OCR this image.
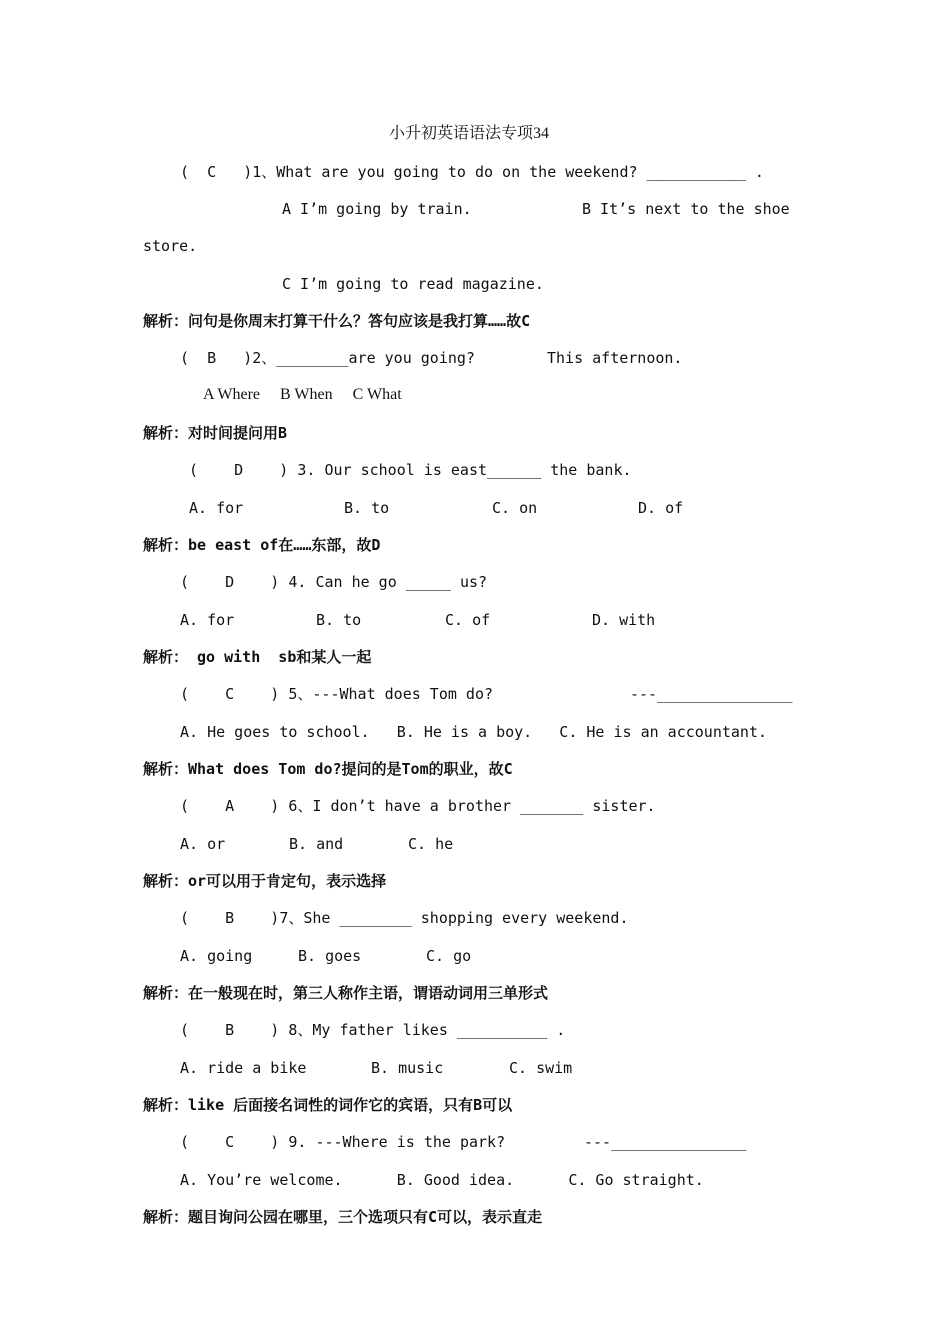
小升初英语语法专项34
(  C   )1、What are you going to do on the weekend? ___________ .
A I’m going by train.	B It’s next to the shoe
store.
C I’m going to read magazine.
解析：问句是你周末打算干什么？答句应该是我打算……故C
(  B   )2、________are you going?	This afternoon.
A Where     B When     C What
解析：对时间提问用B
(    D    ) 3. Our school is east______ the bank.
A. for	B. to	C. on	D. of
解析：be east of在……东部，故D
(    D    ) 4. Can he go _____ us?
A. for	B. to	C. of	D. with
解析： go with  sb和某人一起
(    C    ) 5、---What does Tom do?	---_______________
A. He goes to school.   B. He is a boy.   C. He is an accountant.
解析：What does Tom do?提问的是Tom的职业，故C
(    A    ) 6、I don’t have a brother _______ sister.
A. or	B. and	C. he
解析：or可以用于肯定句，表示选择
(    B    )7、She ________ shopping every weekend.
A. going	B. goes	C. go
解析：在一般现在时，第三人称作主语，谓语动词用三单形式
(    B    ) 8、My father likes __________ .
A. ride a bike	B. music	C. swim
解析：like 后面接名词性的词作它的宾语，只有B可以
(    C    ) 9. ---Where is the park?	---_______________
A. You’re welcome.      B. Good idea.      C. Go straight.
解析：题目询问公园在哪里，三个选项只有C可以，表示直走
